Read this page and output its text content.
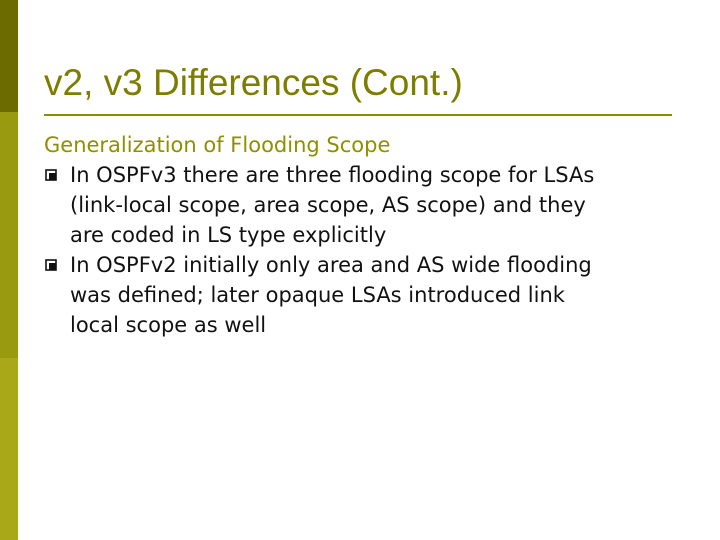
v2, v3 Differences (Cont.)

Generalization of Flooding Scope

In OSPFv3 there are three flooding scope for LSAs
(link-local scope, area scope, AS scope) and they
are coded in LS type explicitly
In OSPFv2 initially only area and AS wide flooding
was defined; later opaque LSAs introduced link
local scope as well
